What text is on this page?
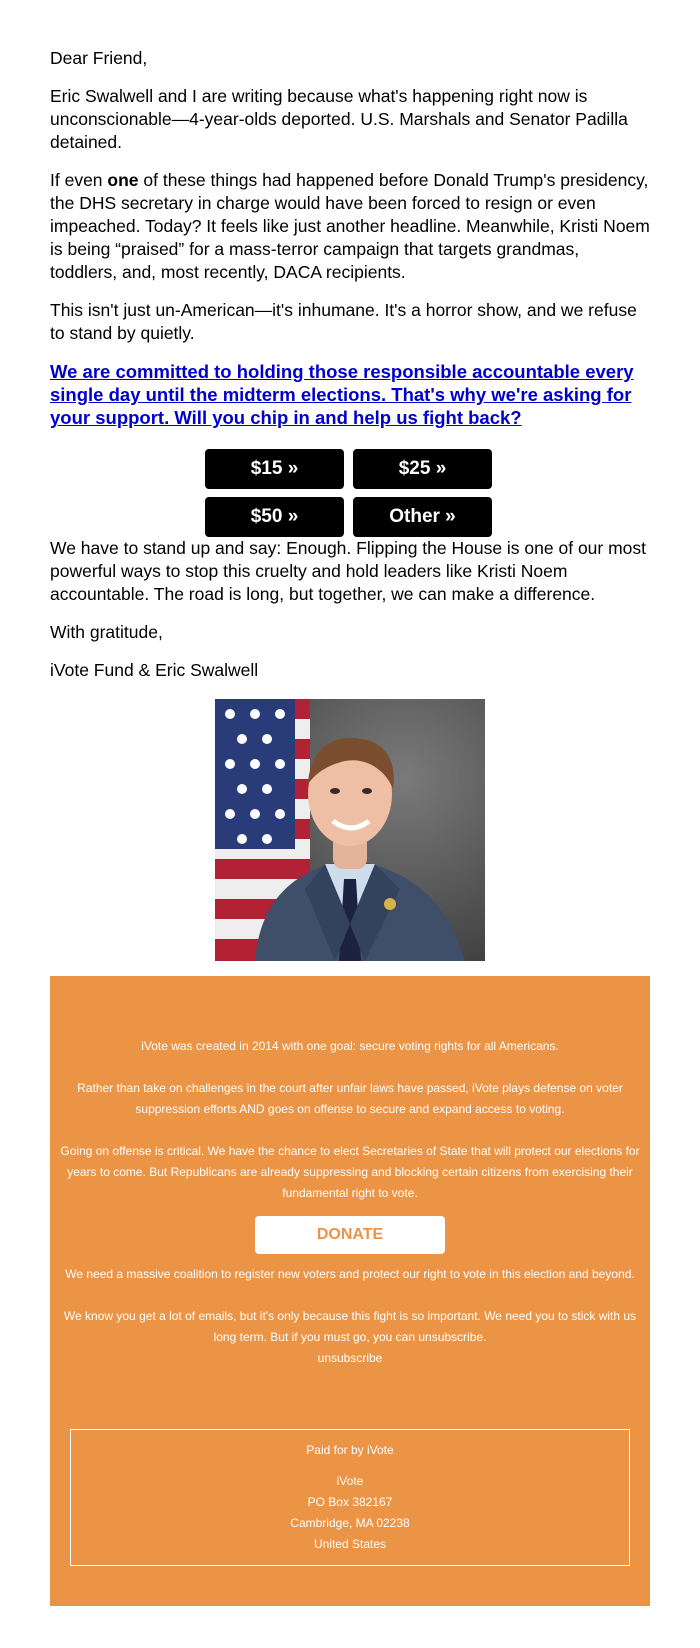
Dear Friend,

Eric Swalwell and I are writing because what's happening right now is unconscionable—4-year-olds deported. U.S. Marshals and Senator Padilla detained.

If even one of these things had happened before Donald Trump's presidency, the DHS secretary in charge would have been forced to resign or even impeached. Today? It feels like just another headline. Meanwhile, Kristi Noem is being “praised” for a mass-terror campaign that targets grandmas, toddlers, and, most recently, DACA recipients.

This isn't just un-American—it's inhumane. It's a horror show, and we refuse to stand by quietly.

We are committed to holding those responsible accountable every single day until the midterm elections. That's why we're asking for your support. Will you chip in and help us fight back?
$15 »	$25 »
$50 »	Other »

We have to stand up and say: Enough. Flipping the House is one of our most powerful ways to stop this cruelty and hold leaders like Kristi Noem accountable. The road is long, but together, we can make a difference.

With gratitude,

iVote Fund & Eric Swalwell

iVote was created in 2014 with one goal: secure voting rights for all Americans.

Rather than take on challenges in the court after unfair laws have passed, iVote plays defense on voter suppression efforts AND goes on offense to secure and expand access to voting.

Going on offense is critical. We have the chance to elect Secretaries of State that will protect our elections for years to come. But Republicans are already suppressing and blocking certain citizens from exercising their fundamental right to vote.

DONATE

We need a massive coalition to register new voters and protect our right to vote in this election and beyond.

We know you get a lot of emails, but it's only because this fight is so important. We need you to stick with us long term. But if you must go, you can unsubscribe.

unsubscribe
Paid for by iVote
iVote
PO Box 382167
Cambridge, MA 02238
United States
